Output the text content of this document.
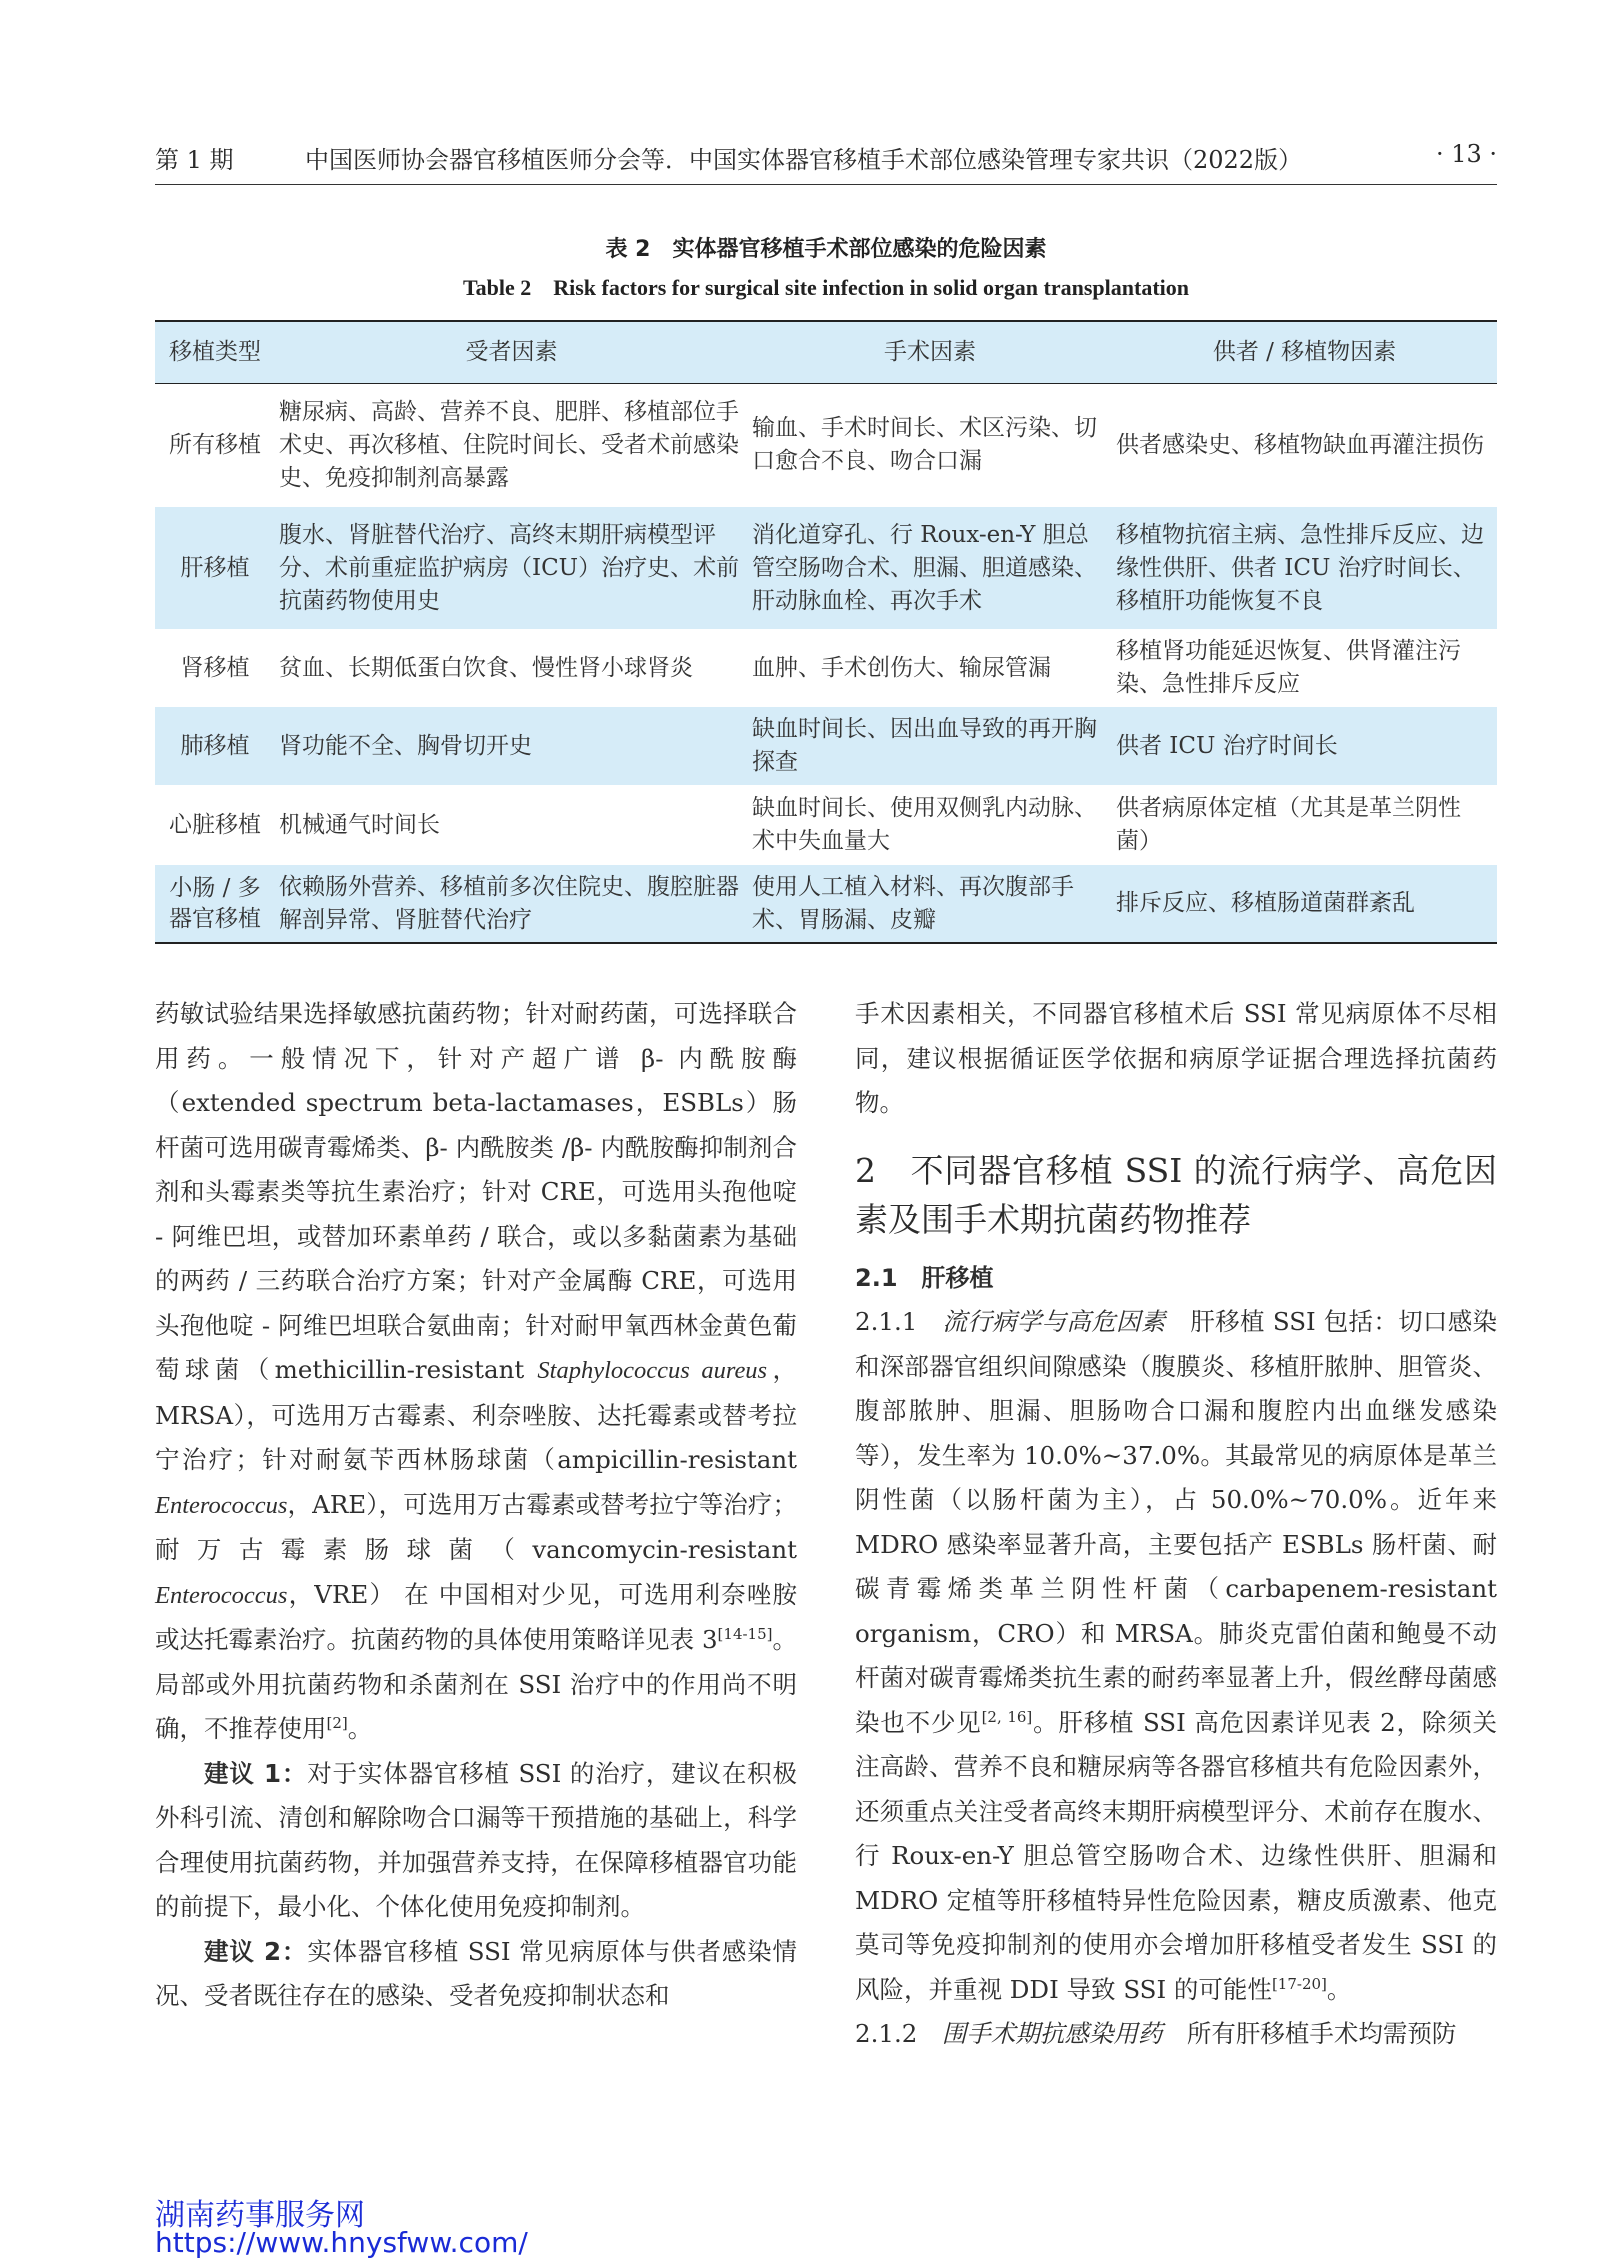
第 1 期	中国医师协会器官移植医师分会等．中国实体器官移植手术部位感染管理专家共识（2022版）	· 13 ·
表 2 实体器官移植手术部位感染的危险因素
Table 2 Risk factors for surgical site infection in solid organ transplantation
移植类型	受者因素	手术因素	供者 / 移植物因素
所有移植	糖尿病、高龄、营养不良、肥胖、移植部位手术史、再次移植、住院时间长、受者术前感染史、免疫抑制剂高暴露	输血、手术时间长、术区污染、切口愈合不良、吻合口漏	供者感染史、移植物缺血再灌注损伤
肝移植	腹水、肾脏替代治疗、高终末期肝病模型评分、术前重症监护病房（ICU）治疗史、术前抗菌药物使用史	消化道穿孔、行 Roux-en-Y 胆总管空肠吻合术、胆漏、胆道感染、肝动脉血栓、再次手术	移植物抗宿主病、急性排斥反应、边缘性供肝、供者 ICU 治疗时间长、移植肝功能恢复不良
肾移植	贫血、长期低蛋白饮食、慢性肾小球肾炎	血肿、手术创伤大、输尿管漏	移植肾功能延迟恢复、供肾灌注污染、急性排斥反应
肺移植	肾功能不全、胸骨切开史	缺血时间长、因出血导致的再开胸探查	供者 ICU 治疗时间长
心脏移植	机械通气时间长	缺血时间长、使用双侧乳内动脉、术中失血量大	供者病原体定植（尤其是革兰阴性菌）
小肠 / 多器官移植	依赖肠外营养、移植前多次住院史、腹腔脏器解剖异常、肾脏替代治疗	使用人工植入材料、再次腹部手术、胃肠漏、皮瓣	排斥反应、移植肠道菌群紊乱

药敏试验结果选择敏感抗菌药物；针对耐药菌，可选择联合用药。一般情况下，针对产超广谱 β- 内酰胺酶（extended spectrum beta-lactamases，ESBLs）肠杆菌可选用碳青霉烯类、β- 内酰胺类 /β- 内酰胺酶抑制剂合剂和头霉素类等抗生素治疗；针对 CRE，可选用头孢他啶 - 阿维巴坦，或替加环素单药 / 联合，或以多黏菌素为基础的两药 / 三药联合治疗方案；针对产金属酶 CRE，可选用头孢他啶 - 阿维巴坦联合氨曲南；针对耐甲氧西林金黄色葡萄球菌（methicillin-resistant Staphylococcus aureus，MRSA），可选用万古霉素、利奈唑胺、达托霉素或替考拉宁治疗；针对耐氨苄西林肠球菌（ampicillin-resistant Enterococcus，ARE），可选用万古霉素或替考拉宁等治疗；耐万古霉素肠球菌（vancomycin-resistant Enterococcus，VRE） 在 中国相对少见，可选用利奈唑胺或达托霉素治疗。抗菌药物的具体使用策略详见表 3[14-15]。局部或外用抗菌药物和杀菌剂在 SSI 治疗中的作用尚不明确，不推荐使用[2]。

建议 1：对于实体器官移植 SSI 的治疗，建议在积极外科引流、清创和解除吻合口漏等干预措施的基础上，科学合理使用抗菌药物，并加强营养支持，在保障移植器官功能的前提下，最小化、个体化使用免疫抑制剂。

建议 2：实体器官移植 SSI 常见病原体与供者感染情况、受者既往存在的感染、受者免疫抑制状态和

手术因素相关，不同器官移植术后 SSI 常见病原体不尽相同，建议根据循证医学依据和病原学证据合理选择抗菌药物。

2　不同器官移植 SSI 的流行病学、高危因素及围手术期抗菌药物推荐

2.1　肝移植

2.1.1　流行病学与高危因素　肝移植 SSI 包括：切口感染和深部器官组织间隙感染（腹膜炎、移植肝脓肿、胆管炎、腹部脓肿、胆漏、胆肠吻合口漏和腹腔内出血继发感染等），发生率为 10.0%~37.0%。其最常见的病原体是革兰阴性菌（以肠杆菌为主），占 50.0%~70.0%。近年来 MDRO 感染率显著升高，主要包括产 ESBLs 肠杆菌、耐碳青霉烯类革兰阴性杆菌（carbapenem-resistant organism，CRO）和 MRSA。肺炎克雷伯菌和鲍曼不动杆菌对碳青霉烯类抗生素的耐药率显著上升，假丝酵母菌感染也不少见[2, 16]。肝移植 SSI 高危因素详见表 2，除须关注高龄、营养不良和糖尿病等各器官移植共有危险因素外，还须重点关注受者高终末期肝病模型评分、术前存在腹水、行 Roux-en-Y 胆总管空肠吻合术、边缘性供肝、胆漏和 MDRO 定植等肝移植特异性危险因素，糖皮质激素、他克莫司等免疫抑制剂的使用亦会增加肝移植受者发生 SSI 的风险，并重视 DDI 导致 SSI 的可能性[17-20]。

2.1.2　围手术期抗感染用药　所有肝移植手术均需预防

湖南药事服务网
https://www.hnysfww.com/
